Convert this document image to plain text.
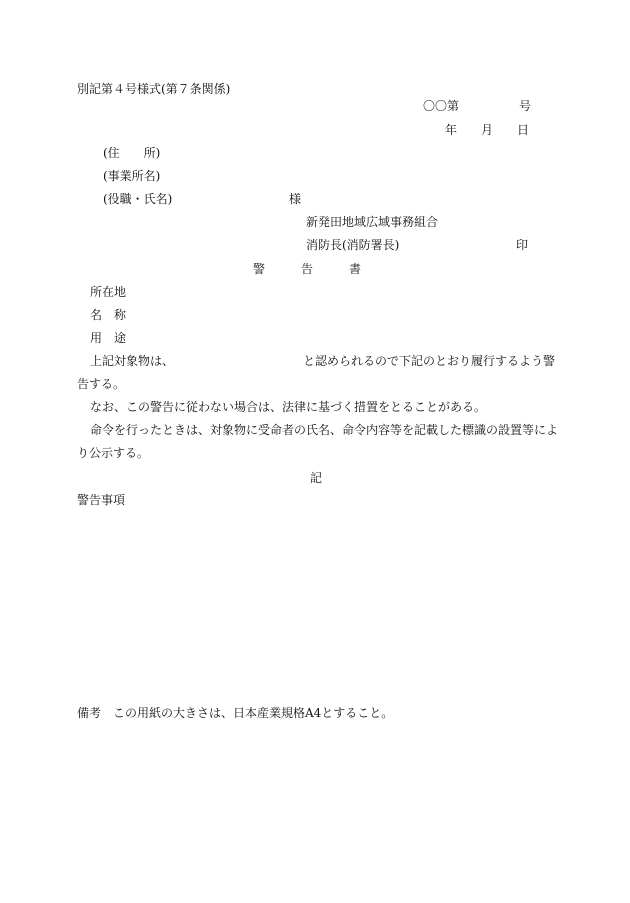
別記第４号様式(第７条関係)
〇〇第　　　　　号
年　　月　　日
(住　　所)
(事業所名)
(役職・氏名)	様
新発田地域広域事務組合
消防長(消防署長)	印
警　　　告　　　書
所在地
名　称
用　途
上記対象物は、	と認められるので下記のとおり履行するよう警
告する。
なお、この警告に従わない場合は、法律に基づく措置をとることがある。
命令を行ったときは、対象物に受命者の氏名、命令内容等を記載した標識の設置等によ
り公示する。
記
警告事項
備考　この用紙の大きさは、日本産業規格A4とすること。
